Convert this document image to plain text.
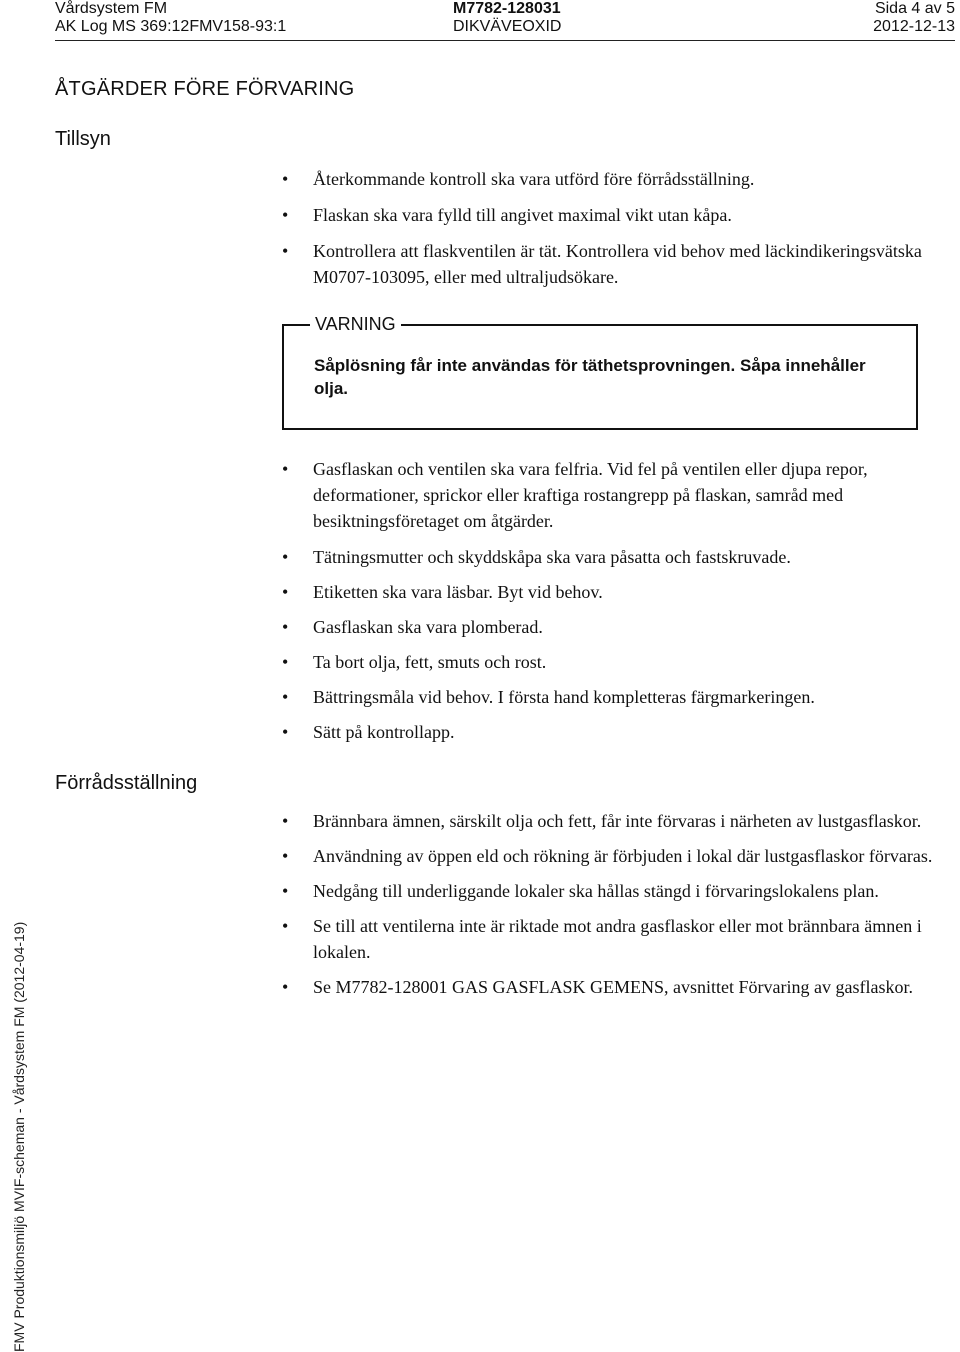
Vårdsystem FM
AK Log MS 369:12FMV158-93:1
M7782-128031
DIKVÄVEOXID
Sida 4 av 5
2012-12-13
ÅTGÄRDER FÖRE FÖRVARING
Tillsyn
• Återkommande kontroll ska vara utförd före förrådsställning.
• Flaskan ska vara fylld till angivet maximal vikt utan kåpa.
• Kontrollera att flaskventilen är tät. Kontrollera vid behov med läckindikeringsvätska M0707-103095, eller med ultraljudsökare.
VARNING

Såplösning får inte användas för täthetsprovningen. Såpa innehåller olja.

• Gasflaskan och ventilen ska vara felfria. Vid fel på ventilen eller djupa repor, deformationer, sprickor eller kraftiga rostangrepp på flaskan, samråd med besiktningsföretaget om åtgärder.
• Tätningsmutter och skyddskåpa ska vara påsatta och fastskruvade.
• Etiketten ska vara läsbar. Byt vid behov.
• Gasflaskan ska vara plomberad.
• Ta bort olja, fett, smuts och rost.
• Bättringsmåla vid behov. I första hand kompletteras färgmarkeringen.
• Sätt på kontrollapp.
Förrådsställning
• Brännbara ämnen, särskilt olja och fett, får inte förvaras i närheten av lustgasflaskor.
• Användning av öppen eld och rökning är förbjuden i lokal där lustgasflaskor förvaras.
• Nedgång till underliggande lokaler ska hållas stängd i förvaringslokalens plan.
• Se till att ventilerna inte är riktade mot andra gasflaskor eller mot brännbara ämnen i lokalen.
• Se M7782-128001 GAS GASFLASK GEMENS, avsnittet Förvaring av gasflaskor.
FMV Produktionsmiljö MVIF-scheman - Vårdsystem FM (2012-04-19)
